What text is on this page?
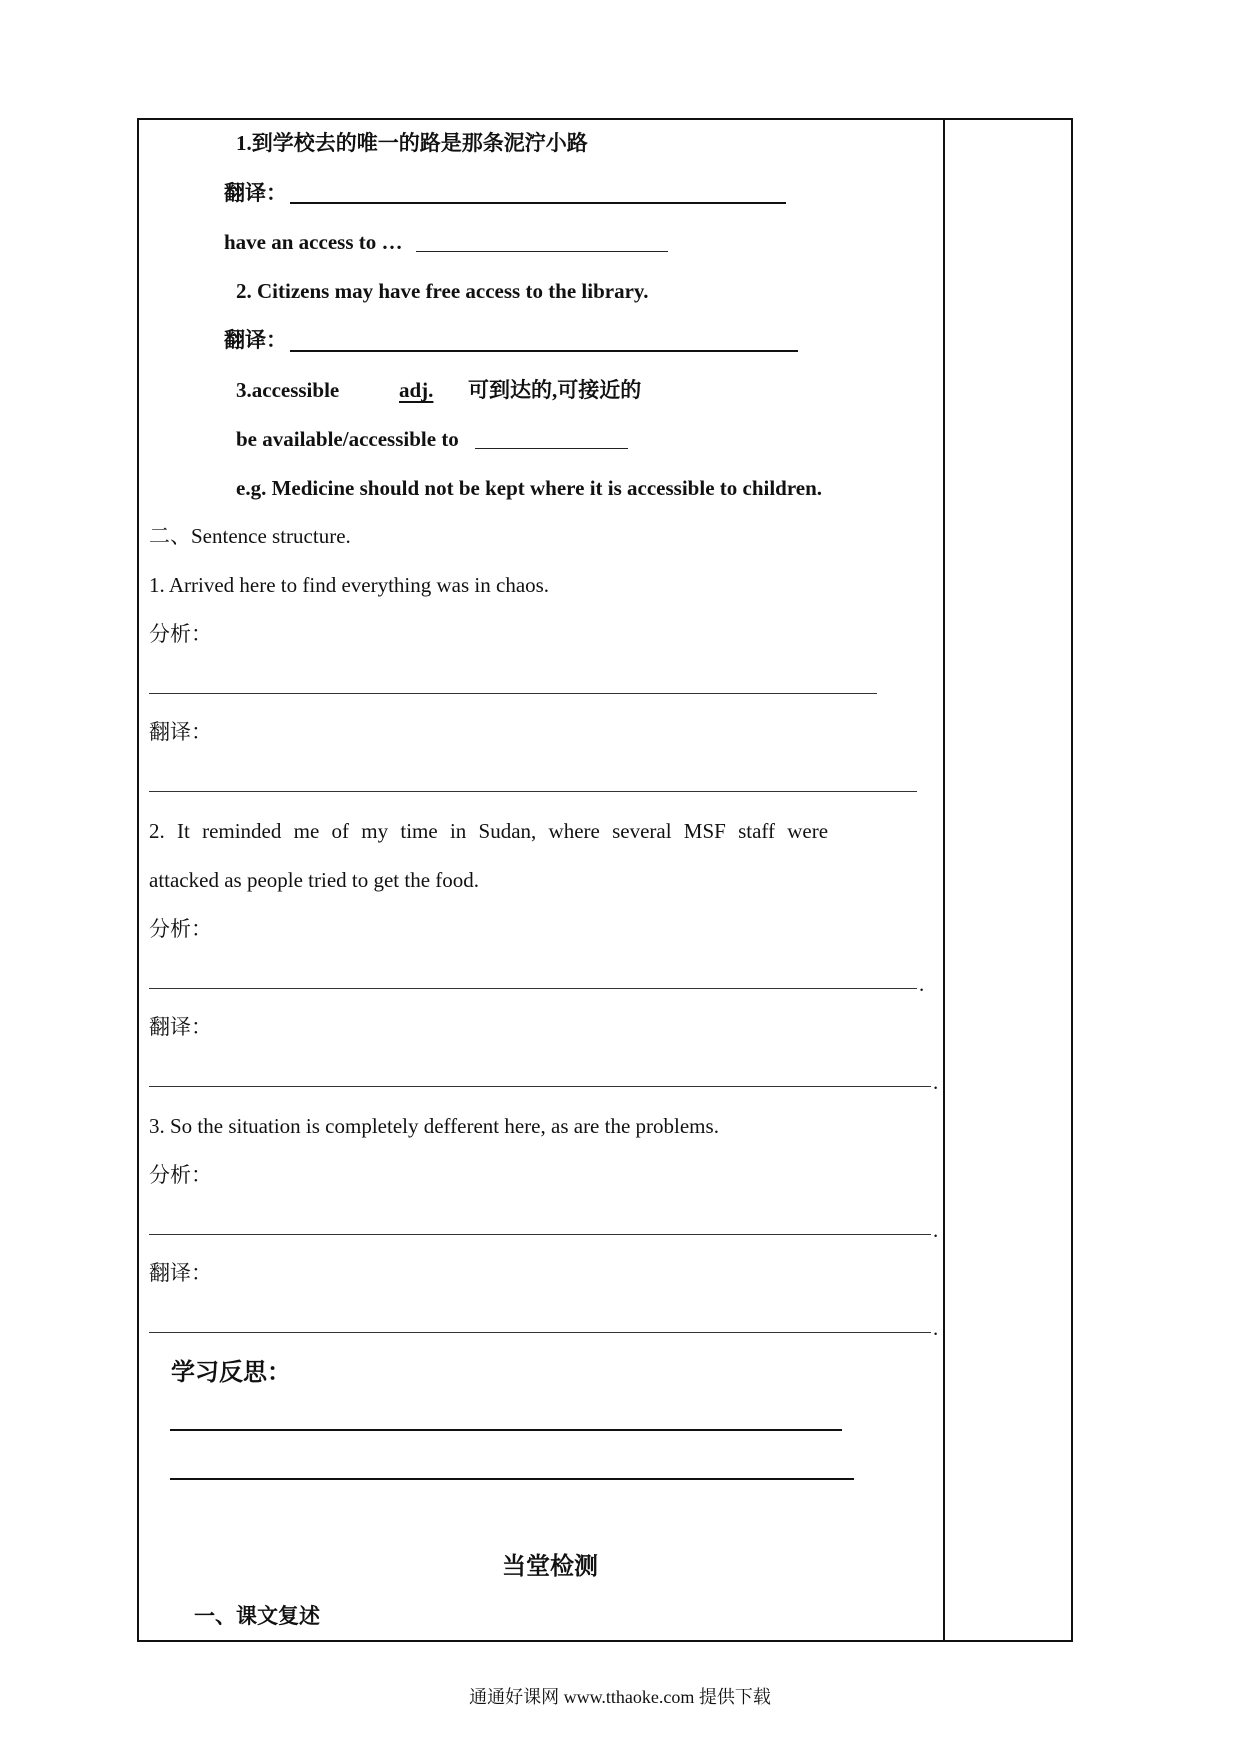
1.到学校去的唯一的路是那条泥泞小路
翻译：
have an access to …
2. Citizens may have free access to the library.
翻译：
3.accessible	adj. 可到达的,可接近的
be available/accessible to
e.g. Medicine should not be kept where it is accessible to children.
二、Sentence structure.
1. Arrived here to find everything was in chaos.
分析：
翻译：
2. It reminded me of my time in Sudan, where several MSF staff were
attacked as people tried to get the food.
分析：
.
翻译：
.
3. So the situation is completely defferent here, as are the problems.
分析：
.
翻译：
.
学习反思：
当堂检测
一、课文复述
通通好课网 www.tthaoke.com 提供下载
